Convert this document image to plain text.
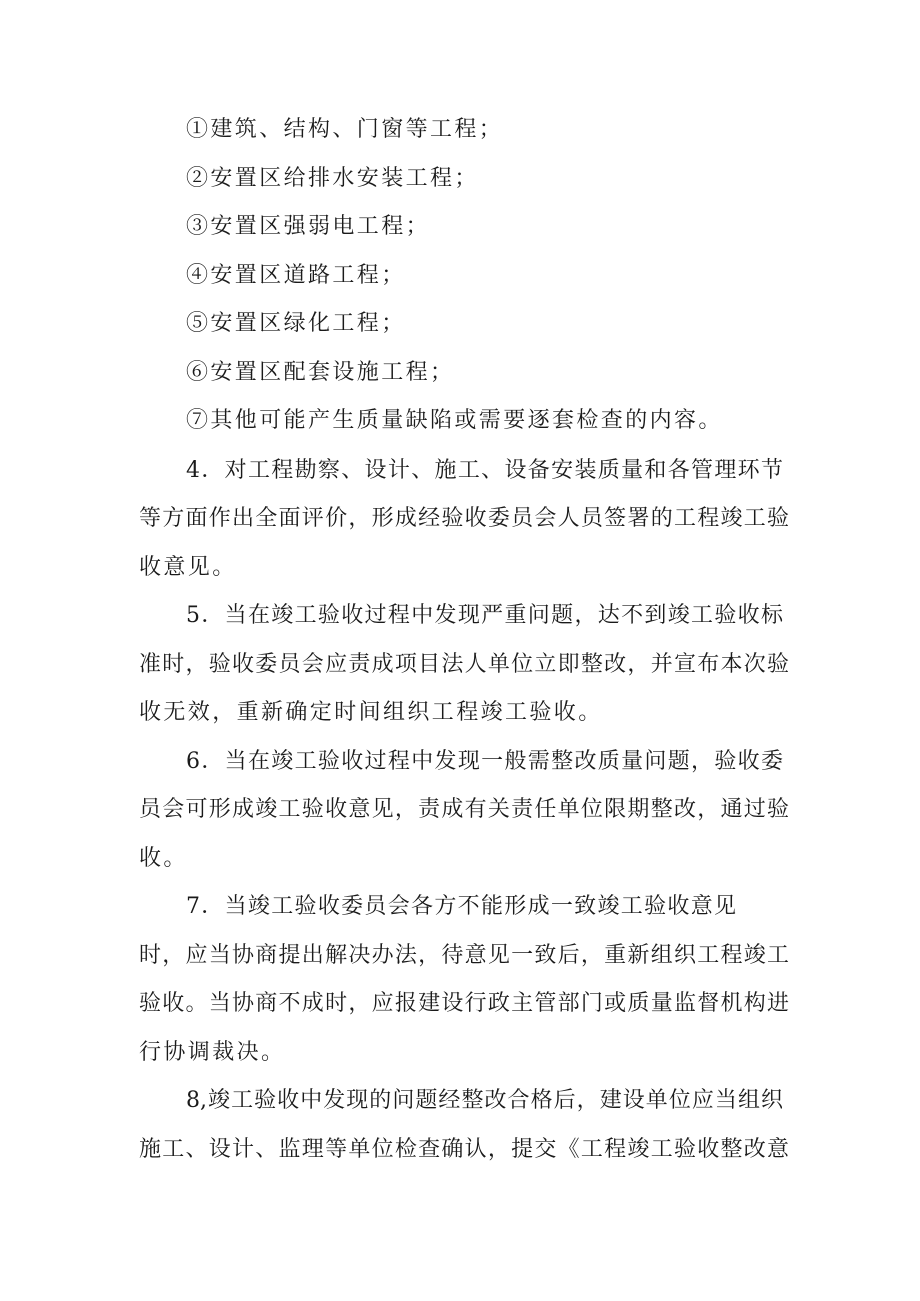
①建筑、结构、门窗等工程；
②安置区给排水安装工程；
③安置区强弱电工程；
④安置区道路工程；
⑤安置区绿化工程；
⑥安置区配套设施工程；
⑦其他可能产生质量缺陷或需要逐套检查的内容。
4．对工程勘察、设计、施工、设备安装质量和各管理环节
等方面作出全面评价，形成经验收委员会人员签署的工程竣工验
收意见。
5．当在竣工验收过程中发现严重问题，达不到竣工验收标
准时，验收委员会应责成项目法人单位立即整改，并宣布本次验
收无效，重新确定时间组织工程竣工验收。
6．当在竣工验收过程中发现一般需整改质量问题，验收委
员会可形成竣工验收意见，责成有关责任单位限期整改，通过验
收。
7．当竣工验收委员会各方不能形成一致竣工验收意见
时，应当协商提出解决办法，待意见一致后，重新组织工程竣工
验收。当协商不成时，应报建设行政主管部门或质量监督机构进
行协调裁决。
8,竣工验收中发现的问题经整改合格后，建设单位应当组织
施工、设计、监理等单位检查确认，提交《工程竣工验收整改意
